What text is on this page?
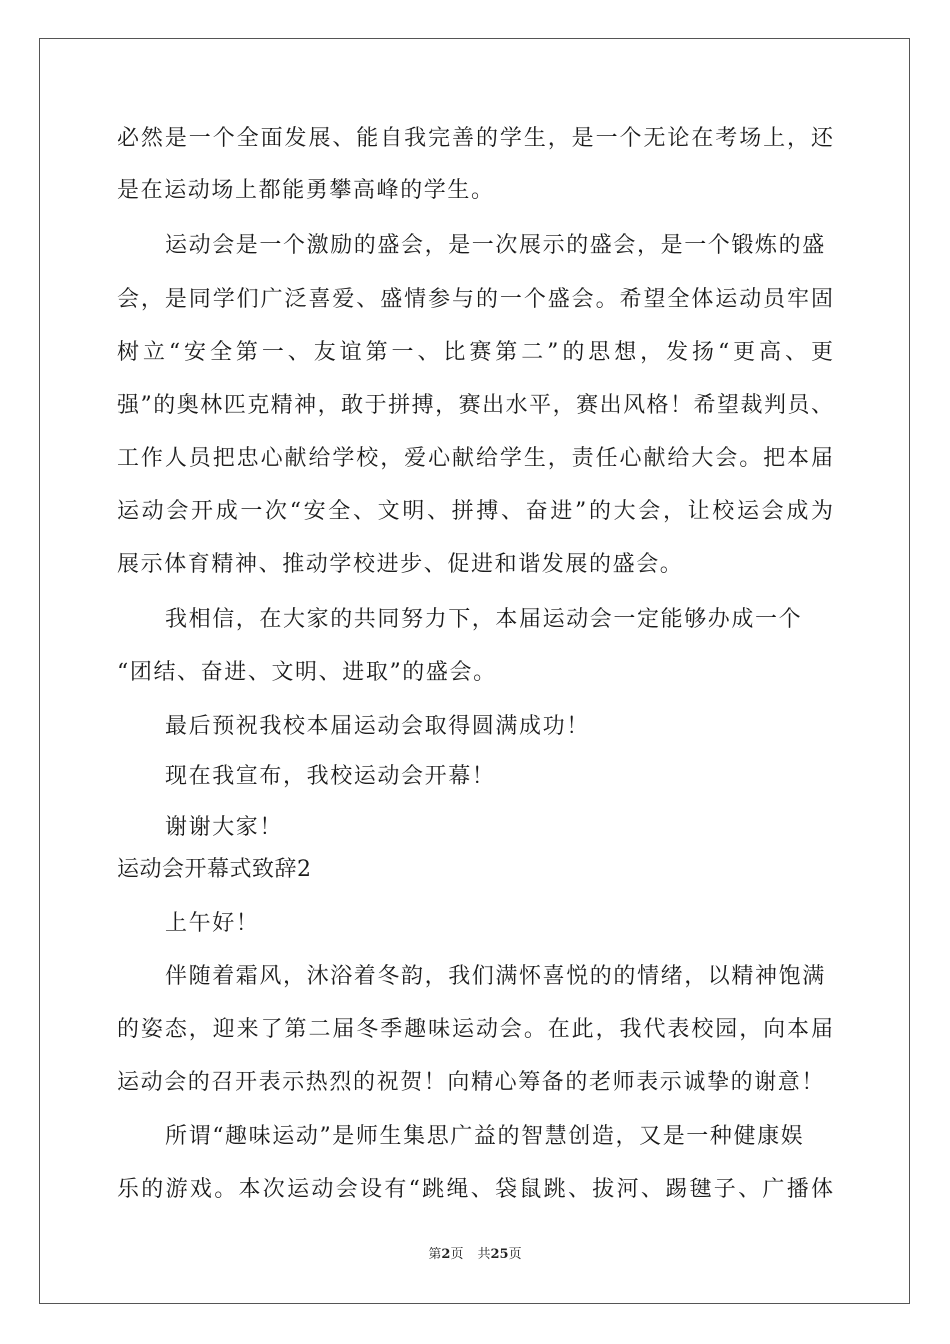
必然是一个全面发展、能自我完善的学生，是一个无论在考场上，还
是在运动场上都能勇攀高峰的学生。
运动会是一个激励的盛会，是一次展示的盛会，是一个锻炼的盛
会，是同学们广泛喜爱、盛情参与的一个盛会。希望全体运动员牢固
树立“安全第一、友谊第一、比赛第二”的思想，发扬“更高、更
强”的奥林匹克精神，敢于拼搏，赛出水平，赛出风格！希望裁判员、
工作人员把忠心献给学校，爱心献给学生，责任心献给大会。把本届
运动会开成一次“安全、文明、拼搏、奋进”的大会，让校运会成为
展示体育精神、推动学校进步、促进和谐发展的盛会。
我相信，在大家的共同努力下，本届运动会一定能够办成一个
“团结、奋进、文明、进取”的盛会。
最后预祝我校本届运动会取得圆满成功！
现在我宣布，我校运动会开幕！
谢谢大家！
运动会开幕式致辞2
上午好！
伴随着霜风，沐浴着冬韵，我们满怀喜悦的的情绪，以精神饱满
的姿态，迎来了第二届冬季趣味运动会。在此，我代表校园，向本届
运动会的召开表示热烈的祝贺！向精心筹备的老师表示诚挚的谢意！
所谓“趣味运动”是师生集思广益的智慧创造，又是一种健康娱
乐的游戏。本次运动会设有“跳绳、袋鼠跳、拔河、踢毽子、广播体
第2页 共25页
